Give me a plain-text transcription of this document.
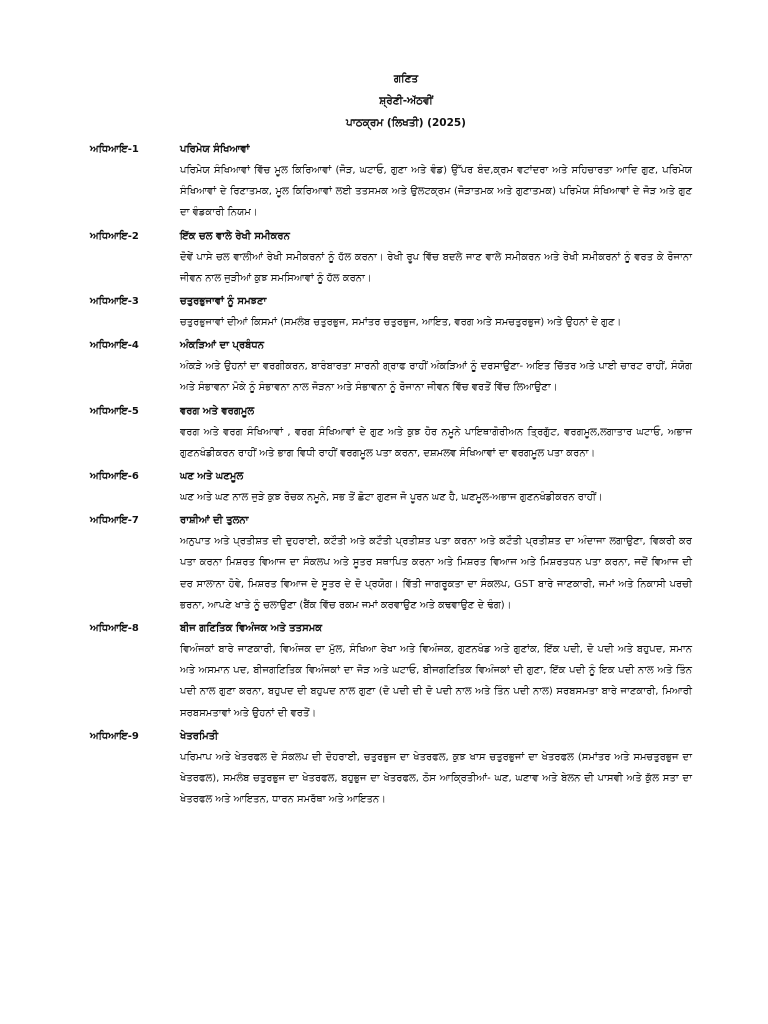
ਗਣਿਤ
ਸ਼੍ਰੇਣੀ-ਅੱਠਵੀਂ
ਪਾਠਕ੍ਰਮ (ਲਿਖਤੀ) (2025)
ਅਧਿਆਇ-1	ਪਰਿਮੇਯ ਸੰਖਿਆਵਾਂ
ਪਰਿਮੇਯ ਸੰਖਿਆਵਾਂ ਵਿੱਚ ਮੂਲ ਕਿਰਿਆਵਾਂ (ਜੋੜ, ਘਟਾਓ, ਗੁਣਾ ਅਤੇ ਵੰਡ) ਉੱਪਰ ਬੰਦ,ਕ੍ਰਮ ਵਟਾਂਦਰਾ ਅਤੇ ਸਹਿਚਾਰਤਾ ਆਦਿ ਗੁਣ, ਪਰਿਮੇਯ ਸੰਖਿਆਵਾਂ ਦੇ ਰਿਣਾਤਮਕ, ਮੂਲ ਕਿਰਿਆਵਾਂ ਲਈ ਤਤਸਮਕ ਅਤੇ ਉਲਟਕ੍ਰਮ (ਜੋੜਾਤਮਕ ਅਤੇ ਗੁਣਾਤਮਕ) ਪਰਿਮੇਯ ਸੰਖਿਆਵਾਂ ਦੇ ਜੋੜ ਅਤੇ ਗੁਣ ਦਾ ਵੰਡਕਾਰੀ ਨਿਯਮ।
ਅਧਿਆਇ-2	ਇੱਕ ਚਲ ਵਾਲੇ ਰੇਖੀ ਸਮੀਕਰਨ
ਦੋਵੇਂ ਪਾਸੇ ਚਲ ਵਾਲੀਆਂ ਰੇਖੀ ਸਮੀਕਰਨਾਂ ਨੂੰ ਹੱਲ ਕਰਨਾ। ਰੇਖੀ ਰੂਪ ਵਿੱਚ ਬਦਲੇ ਜਾਣ ਵਾਲੇ ਸਮੀਕਰਨ ਅਤੇ ਰੇਖੀ ਸਮੀਕਰਨਾਂ ਨੂੰ ਵਰਤ ਕੇ ਰੋਜਾਨਾ ਜੀਵਨ ਨਾਲ ਜੁੜੀਆਂ ਕੁਝ ਸਮਸਿਆਵਾਂ ਨੂੰ ਹੱਲ ਕਰਨਾ।
ਅਧਿਆਇ-3	ਚਤੁਰਭੁਜਾਵਾਂ ਨੂੰ ਸਮਝਣਾ
ਚਤੁਰਭੁਜਾਵਾਂ ਦੀਆਂ ਕਿਸਮਾਂ (ਸਮਲੰਬ ਚਤੁਰਭੁਜ, ਸਮਾਂਤਰ ਚਤੁਰਭੁਜ, ਆਇਤ, ਵਰਗ ਅਤੇ ਸਮਚਤੁਰਭੁਜ) ਅਤੇ ਉਹਨਾਂ ਦੇ ਗੁਣ।
ਅਧਿਆਇ-4	ਅੰਕੜਿਆਂ ਦਾ ਪ੍ਰਬੰਧਨ
ਅੰਕੜੇ ਅਤੇ ਉਹਨਾਂ ਦਾ ਵਰਗੀਕਰਨ, ਬਾਰੰਬਾਰਤਾ ਸਾਰਨੀ ਗ੍ਰਾਫ ਰਾਹੀਂ ਅੰਕੜਿਆਂ ਨੂੰ ਦਰਸਾਉਣਾ- ਅਇਤ ਚਿੱਤਰ ਅਤੇ ਪਾਈ ਚਾਰਟ ਰਾਹੀਂ, ਸੰਯੋਗ ਅਤੇ ਸੰਭਾਵਨਾ ਮੋਕੇ ਨੂੰ ਸੰਭਾਵਨਾ ਨਾਲ ਜੋੜਨਾ ਅਤੇ ਸੰਭਾਵਨਾ ਨੂੰ ਰੋਜਾਨਾ ਜੀਵਨ ਵਿੱਚ ਵਰਤੋਂ ਵਿੱਚ ਲਿਆਉਣਾ।
ਅਧਿਆਇ-5	ਵਰਗ ਅਤੇ ਵਰਗਮੂਲ
ਵਰਗ ਅਤੇ ਵਰਗ ਸੰਖਿਆਵਾਂ , ਵਰਗ ਸੰਖਿਆਵਾਂ ਦੇ ਗੁਣ ਅਤੇ ਕੁਝ ਹੋਰ ਨਮੂਨੇ ਪਾਇਥਾਗੋਰੀਅਨ ਤ੍ਰਿਗੁੱਟ, ਵਰਗਮੂਲ,ਲਗਾਤਾਰ ਘਟਾਓ, ਅਭਾਜ ਗੁਣਨਖੰਡੀਕਰਨ ਰਾਹੀਂ ਅਤੇ ਭਾਗ ਵਿਧੀ ਰਾਹੀਂ ਵਰਗਮੂਲ ਪਤਾ ਕਰਨਾ, ਦਸ਼ਮਲਵ ਸੰਖਿਆਵਾਂ ਦਾ ਵਰਗਮੂਲ ਪਤਾ ਕਰਨਾ।
ਅਧਿਆਇ-6	ਘਣ ਅਤੇ ਘਣਮੂਲ
ਘਣ ਅਤੇ ਘਣ ਨਾਲ ਜੁੜੇ ਕੁਝ ਰੋਚਕ ਨਮੂਨੇ, ਸਭ ਤੋਂ ਛੋਟਾ ਗੁਣਜ ਜੋ ਪੂਰਨ ਘਣ ਹੈ, ਘਣਮੂਲ-ਅਭਾਜ ਗੁਣਨਖੰਡੀਕਰਨ ਰਾਹੀਂ।
ਅਧਿਆਇ-7	ਰਾਸ਼ੀਆਂ ਦੀ ਤੁਲਨਾ
ਅਨੁਪਾਤ ਅਤੇ ਪ੍ਰਤੀਸ਼ਤ ਦੀ ਦੁਹਰਾਈ, ਕਟੌਤੀ ਅਤੇ ਕਟੌਤੀ ਪ੍ਰਤੀਸ਼ਤ ਪਤਾ ਕਰਨਾ ਅਤੇ ਕਟੌਤੀ ਪ੍ਰਤੀਸ਼ਤ ਦਾ ਅੰਦਾਜਾ ਲਗਾਉਣਾ, ਵਿਕਰੀ ਕਰ ਪਤਾ ਕਰਨਾ ਮਿਸ਼ਰਤ ਵਿਆਜ ਦਾ ਸੰਕਲਪ ਅਤੇ ਸੂਤਰ ਸਥਾਪਿਤ ਕਰਨਾ ਅਤੇ ਮਿਸ਼ਰਤ ਵਿਆਜ ਅਤੇ ਮਿਸ਼ਰਤਧਨ ਪਤਾ ਕਰਨਾ, ਜਦੋਂ ਵਿਆਜ ਦੀ ਦਰ ਸਾਲਾਨਾ ਹੋਵੇ, ਮਿਸ਼ਰਤ ਵਿਆਜ ਦੇ ਸੂਤਰ ਦੇ ਦੋ ਪ੍ਰਯੋਗ। ਵਿੱਤੀ ਜਾਗਰੂਕਤਾ ਦਾ ਸੰਕਲਪ, GST ਬਾਰੇ ਜਾਣਕਾਰੀ, ਜਮਾਂ ਅਤੇ ਨਿਕਾਸੀ ਪਰਚੀ ਭਰਨਾ, ਆਪਣੇ ਖਾਤੇ ਨੂੰ ਚਲਾਉਣਾ (ਬੈਂਕ ਵਿੱਚ ਰਕਮ ਜਮਾਂ ਕਰਵਾਉਣ ਅਤੇ ਕਢਵਾਉਣ ਦੇ ਢੰਗ)।
ਅਧਿਆਇ-8	ਬੀਜ ਗਣਿਤਿਕ ਵਿਅੰਜਕ ਅਤੇ ਤਤਸਮਕ
ਵਿਅੰਜਕਾਂ ਬਾਰੇ ਜਾਣਕਾਰੀ, ਵਿਅੰਜਕ ਦਾ ਮੁੱਲ, ਸੰਖਿਆ ਰੇਖਾ ਅਤੇ ਵਿਅੰਜਕ, ਗੁਣਨਖੰਡ ਅਤੇ ਗੁਣਾਂਕ, ਇੱਕ ਪਦੀ, ਦੋ ਪਦੀ ਅਤੇ ਬਹੁਪਦ, ਸਮਾਨ ਅਤੇ ਅਸਮਾਨ ਪਦ, ਬੀਜਗਣਿਤਿਕ ਵਿਅੰਜਕਾਂ ਦਾ ਜੋੜ ਅਤੇ ਘਟਾਓ, ਬੀਜਗਣਿਤਿਕ ਵਿਅੰਜਕਾਂ ਦੀ ਗੁਣਾ, ਇੱਕ ਪਦੀ ਨੂੰ ਇਕ ਪਦੀ ਨਾਲ ਅਤੇ ਤਿੰਨ ਪਦੀ ਨਾਲ ਗੁਣਾ ਕਰਨਾ, ਬਹੁਪਦ ਦੀ ਬਹੁਪਦ ਨਾਲ ਗੁਣਾ (ਦੋ ਪਦੀ ਦੀ ਦੋ ਪਦੀ ਨਾਲ ਅਤੇ ਤਿੰਨ ਪਦੀ ਨਾਲ) ਸਰਬਸਮਤਾ ਬਾਰੇ ਜਾਣਕਾਰੀ, ਮਿਆਰੀ ਸਰਬਸਮਤਾਵਾਂ ਅਤੇ ਉਹਨਾਂ ਦੀ ਵਰਤੋਂ।
ਅਧਿਆਇ-9	ਖੇਤਰਮਿਤੀ
ਪਰਿਮਾਪ ਅਤੇ ਖੇਤਰਫਲ ਦੇ ਸੰਕਲਪ ਦੀ ਦੋਹਰਾਈ, ਚਤੁਰਭੁਜ ਦਾ ਖੇਤਰਫਲ, ਕੁਝ ਖਾਸ ਚਤੁਰਭੁਜਾਂ ਦਾ ਖੇਤਰਫਲ (ਸਮਾਂਤਰ ਅਤੇ ਸਮਚਤੁਰਭੁਜ ਦਾ ਖੇਤਰਫਲ), ਸਮਲੰਬ ਚਤੁਰਭੁਜ ਦਾ ਖੇਤਰਫਲ, ਬਹੁਭੁਜ ਦਾ ਖੇਤਰਫਲ, ਠੋਸ ਆਕ੍ਰਿਤੀਆਂ- ਘਣ, ਘਣਾਵ ਅਤੇ ਬੇਲਨ ਦੀ ਪਾਸਵੀ ਅਤੇ ਕੁੱਲ ਸਤਾ ਦਾ ਖੇਤਰਫਲ ਅਤੇ ਆਇਤਨ, ਧਾਰਨ ਸਮਰੱਥਾ ਅਤੇ ਆਇਤਨ।
